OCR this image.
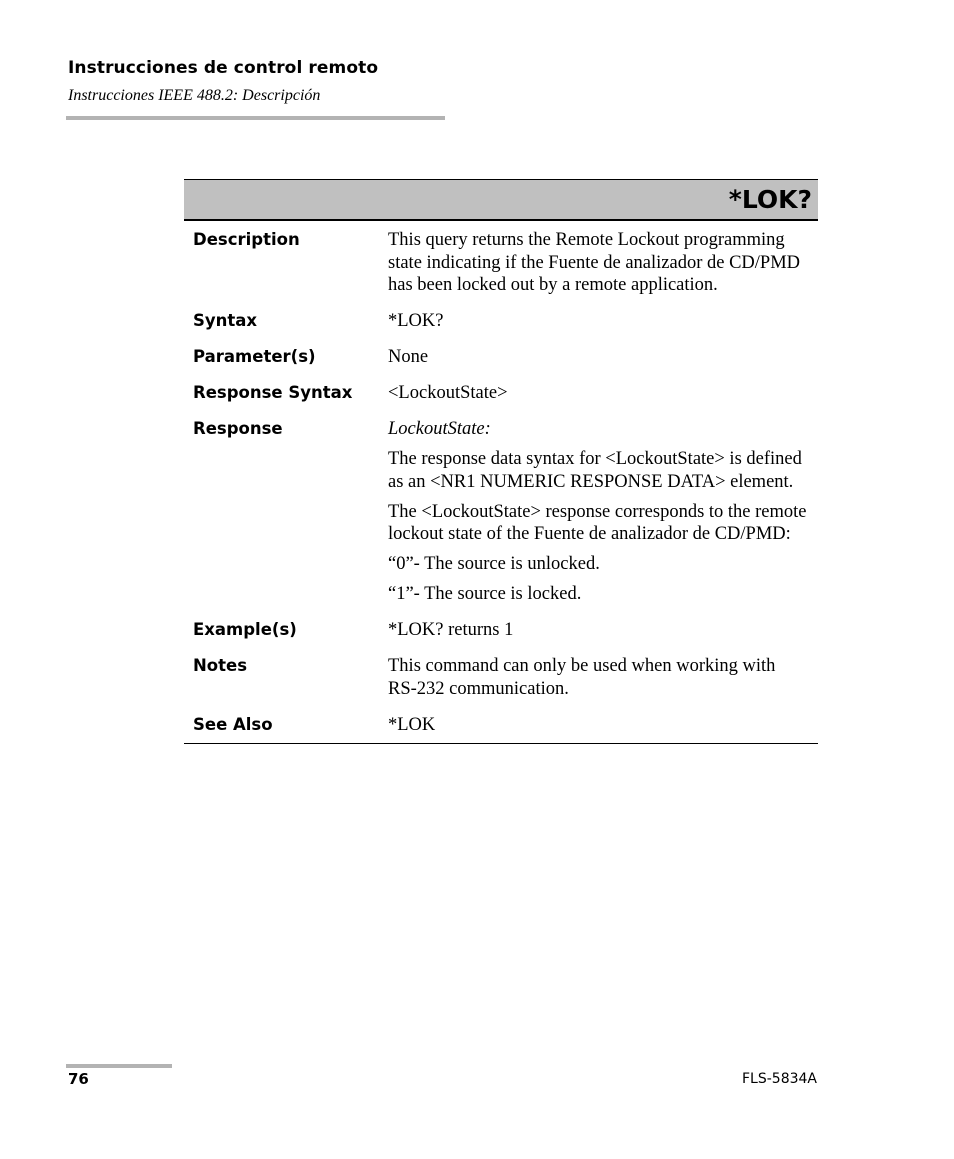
Instrucciones de control remoto
Instrucciones IEEE 488.2: Descripción
*LOK?
Description	This query returns the Remote Lockout programming state indicating if the Fuente de analizador de CD/PMD has been locked out by a remote application.

Syntax	*LOK?

Parameter(s)	None

Response Syntax	<LockoutState>

Response	LockoutState:

The response data syntax for <LockoutState> is defined as an <NR1 NUMERIC RESPONSE DATA> element.

The <LockoutState> response corresponds to the remote lockout state of the Fuente de analizador de CD/PMD:

“0”- The source is unlocked.

“1”- The source is locked.

Example(s)	*LOK? returns 1

Notes	This command can only be used when working with RS-232 communication.

See Also	*LOK

76	FLS-5834A
